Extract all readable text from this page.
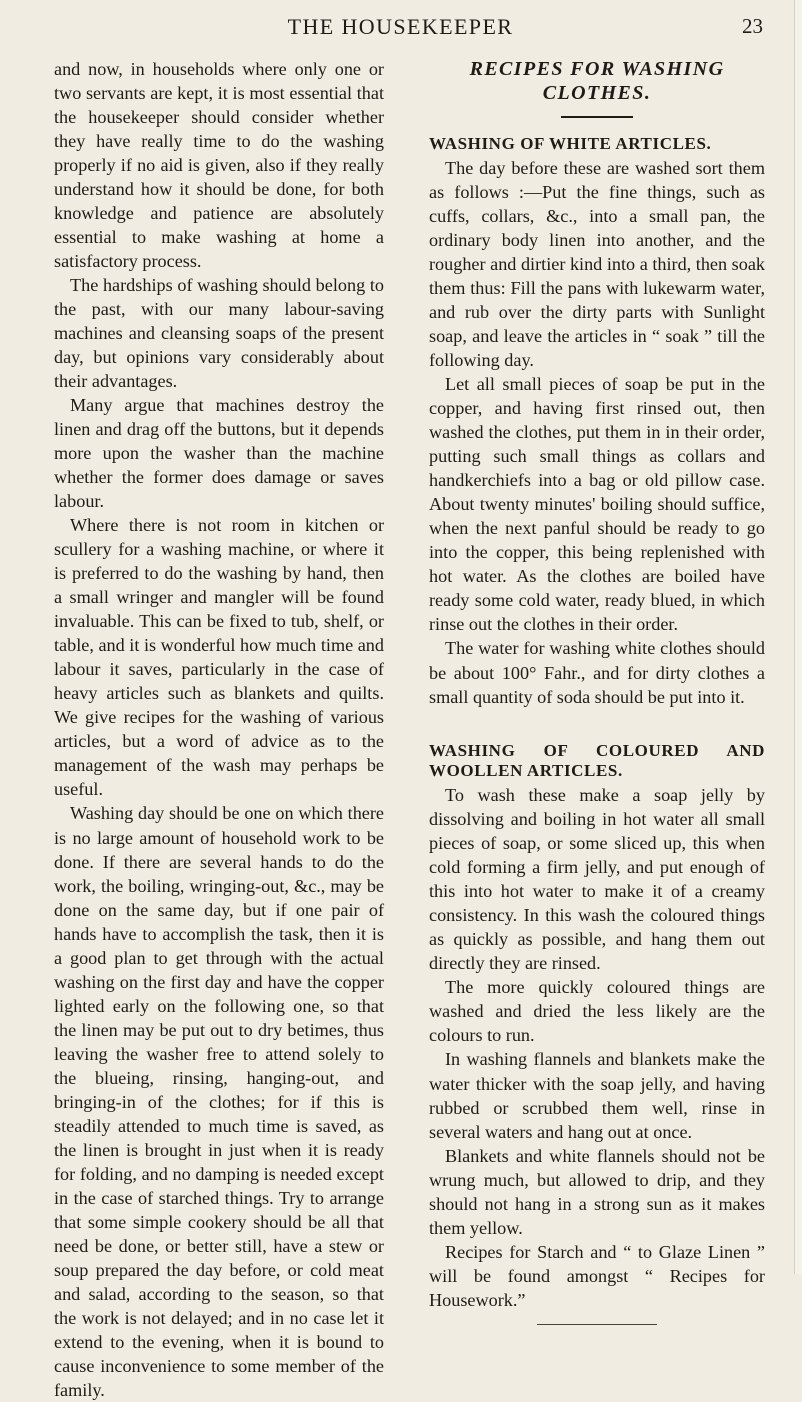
THE HOUSEKEEPER	23

and now, in households where only one or two servants are kept, it is most essential that the housekeeper should consider whether they have really time to do the washing properly if no aid is given, also if they really understand how it should be done, for both knowledge and patience are absolutely essential to make washing at home a satisfactory process.

The hardships of washing should belong to the past, with our many labour-saving machines and cleansing soaps of the present day, but opinions vary considerably about their advantages.

Many argue that machines destroy the linen and drag off the buttons, but it depends more upon the washer than the machine whether the former does damage or saves labour.

Where there is not room in kitchen or scullery for a washing machine, or where it is preferred to do the washing by hand, then a small wringer and mangler will be found invaluable. This can be fixed to tub, shelf, or table, and it is wonderful how much time and labour it saves, particularly in the case of heavy articles such as blankets and quilts. We give recipes for the washing of various articles, but a word of advice as to the management of the wash may perhaps be useful.

Washing day should be one on which there is no large amount of household work to be done. If there are several hands to do the work, the boiling, wringing-out, &c., may be done on the same day, but if one pair of hands have to accomplish the task, then it is a good plan to get through with the actual washing on the first day and have the copper lighted early on the following one, so that the linen may be put out to dry betimes, thus leaving the washer free to attend solely to the blueing, rinsing, hanging-out, and bringing-in of the clothes; for if this is steadily attended to much time is saved, as the linen is brought in just when it is ready for folding, and no damping is needed except in the case of starched things. Try to arrange that some simple cookery should be all that need be done, or better still, have a stew or soup prepared the day before, or cold meat and salad, according to the season, so that the work is not delayed; and in no case let it extend to the evening, when it is bound to cause inconvenience to some member of the family.

RECIPES FOR WASHING CLOTHES.
WASHING OF WHITE ARTICLES.

The day before these are washed sort them as follows :—Put the fine things, such as cuffs, collars, &c., into a small pan, the ordinary body linen into another, and the rougher and dirtier kind into a third, then soak them thus: Fill the pans with lukewarm water, and rub over the dirty parts with Sunlight soap, and leave the articles in “ soak ” till the following day.

Let all small pieces of soap be put in the copper, and having first rinsed out, then washed the clothes, put them in in their order, putting such small things as collars and handkerchiefs into a bag or old pillow case. About twenty minutes' boiling should suffice, when the next panful should be ready to go into the copper, this being replenished with hot water. As the clothes are boiled have ready some cold water, ready blued, in which rinse out the clothes in their order.

The water for washing white clothes should be about 100° Fahr., and for dirty clothes a small quantity of soda should be put into it.

WASHING OF COLOURED AND WOOLLEN ARTICLES.

To wash these make a soap jelly by dissolving and boiling in hot water all small pieces of soap, or some sliced up, this when cold forming a firm jelly, and put enough of this into hot water to make it of a creamy consistency. In this wash the coloured things as quickly as possible, and hang them out directly they are rinsed.

The more quickly coloured things are washed and dried the less likely are the colours to run.

In washing flannels and blankets make the water thicker with the soap jelly, and having rubbed or scrubbed them well, rinse in several waters and hang out at once.

Blankets and white flannels should not be wrung much, but allowed to drip, and they should not hang in a strong sun as it makes them yellow.

Recipes for Starch and “ to Glaze Linen ” will be found amongst “ Recipes for Housework.”
